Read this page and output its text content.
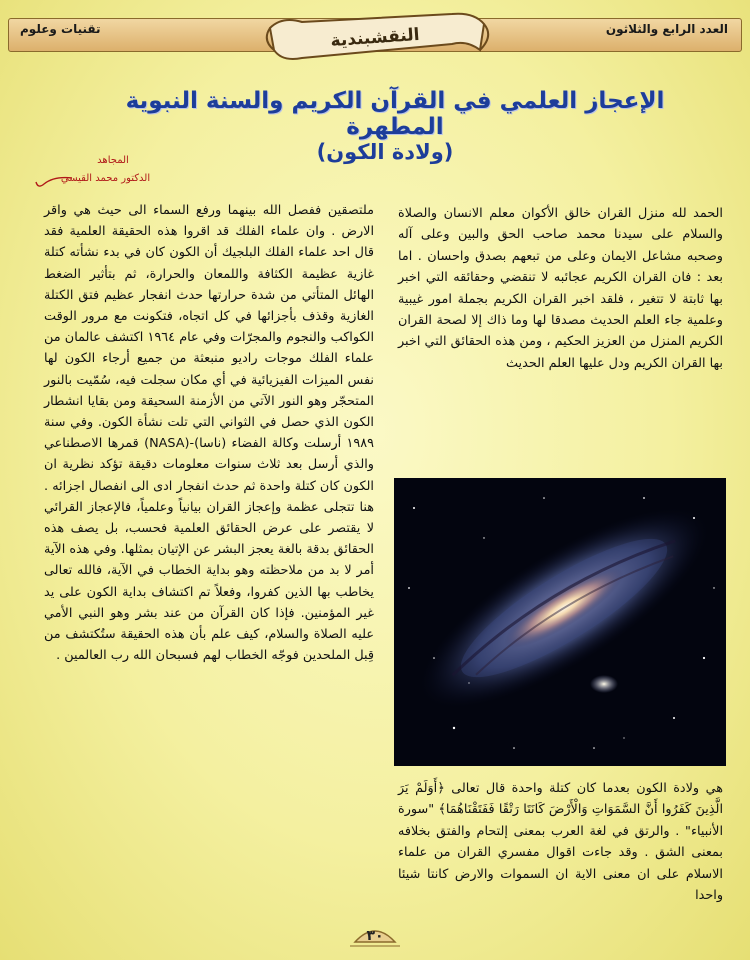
تقنيات وعلوم	العدد الرابع والثلاثون
النقشبندية
الإعجاز العلمي في القرآن الكريم والسنة النبوية المطهرة
(ولادة الكون)
المجاهد
الدكتور محمد القيسي

الحمد لله منزل القران خالق الأكوان معلم الانسان والصلاة والسلام على سيدنا محمد صاحب الحق والبين وعلى آله وصحبه مشاعل الايمان وعلى من تبعهم بصدق واحسان . اما بعد : فان القران الكريم عجائبه لا تنقضي وحقائقه التي اخبر بها ثابتة لا تتغير ، فلقد اخبر القران الكريم بجملة امور غيبية وعلمية جاء العلم الحديث مصدقا لها وما ذاك إلا لصحة القران الكريم المنزل من العزيز الحكيم ، ومن هذه الحقائق التي اخبر بها القران الكريم ودل عليها العلم الحديث

هي ولادة الكون بعدما كان كتلة واحدة قال تعالى ﴿أَوَلَمْ يَرَ الَّذِينَ كَفَرُوا أَنَّ السَّمَوَاتِ وَالْأَرْضَ كَانَتَا رَتْقًا فَفَتَقْنَاهُمَا﴾ "سورة الأنبياء" . والرتق في لغة العرب بمعنى إلتحام والفتق بخلافه بمعنى الشق . وقد جاءت اقوال مفسري القران من علماء الاسلام على ان معنى الاية ان السموات والارض كانتا شيئا واحدا

ملتصقين ففصل الله بينهما ورفع السماء الى حيث هي واقر الارض . وان علماء الفلك قد اقروا هذه الحقيقة العلمية فقد قال احد علماء الفلك البلجيك أن الكون كان في بدء نشأته كتلة غازية عظيمة الكثافة واللمعان والحرارة، ثم بتأثير الضغط الهائل المتأتي من شدة حرارتها حدث انفجار عظيم فتق الكتلة الغازية وقذف بأجزائها في كل اتجاه، فتكونت مع مرور الوقت الكواكب والنجوم والمجرّات وفي عام ١٩٦٤ اكتشف عالمان من علماء الفلك موجات راديو منبعثة من جميع أرجاء الكون لها نفس الميزات الفيزيائية في أي مكان سجلت فيه، سُمّيت بالنور المتحجّر وهو النور الآتي من الأزمنة السحيقة ومن بقايا انشطار الكون الذي حصل في الثواني التي تلت نشأة الكون. وفي سنة ١٩٨٩ أرسلت وكالة الفضاء (ناسا)-(NASA) قمرها الاصطناعي والذي أرسل بعد ثلاث سنوات معلومات دقيقة تؤكد نظرية ان الكون كان كتلة واحدة ثم حدث انفجار ادى الى انفصال اجزائه . هنا تتجلى عظمة وإعجاز القران بيانياً وعلمياً، فالإعجاز القرائي لا يقتصر على عرض الحقائق العلمية فحسب، بل يصف هذه الحقائق بدقة بالغة يعجز البشر عن الإتيان بمثلها. وفي هذه الآية أمر لا بد من ملاحظته وهو بداية الخطاب في الآية، فالله تعالى يخاطب بها الذين كفروا، وفعلاً تم اكتشاف بداية الكون على يد غير المؤمنين. فإذا كان القرآن من عند بشر وهو النبي الأمي عليه الصلاة والسلام، كيف علم بأن هذه الحقيقة ستُكتشف من قِبل الملحدين فوجّه الخطاب لهم فسبحان الله رب العالمين .

٣٠
